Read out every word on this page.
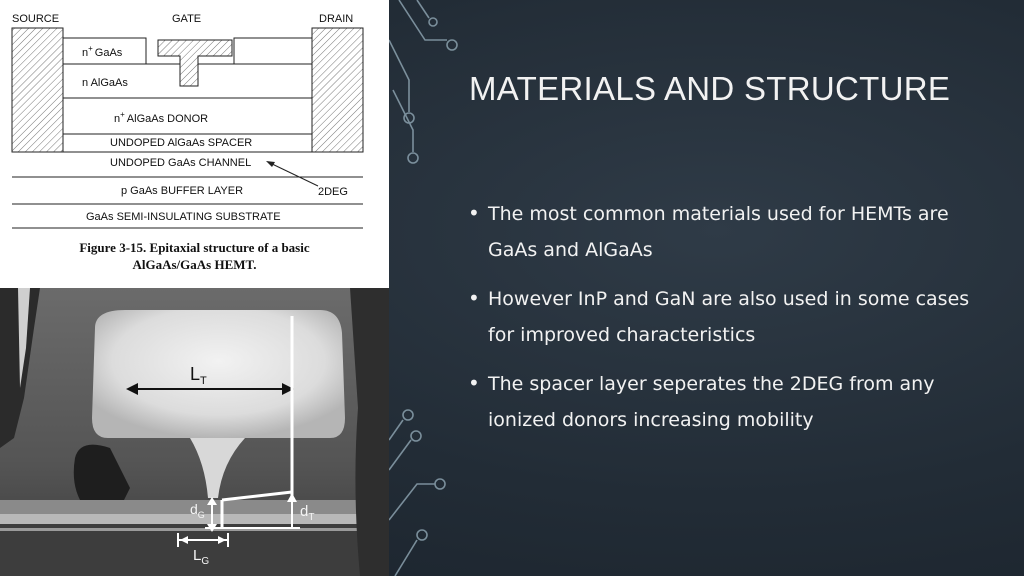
SOURCE	GATE	DRAIN
n+ GaAs
n AlGaAs
n+ AlGaAs DONOR
UNDOPED AlGaAs SPACER
UNDOPED GaAs CHANNEL
2DEG
p GaAs BUFFER LAYER
GaAs SEMI-INSULATING SUBSTRATE
Figure 3-15. Epitaxial structure of a basic
AlGaAs/GaAs HEMT.
$L_T$
$d_T$
$d_G$
$L_G$
MATERIALS AND STRUCTURE
• The most common materials used for HEMTs are GaAs and AlGaAs
• However InP and GaN are also used in some cases for improved characteristics
• The spacer layer seperates the 2DEG from any ionized donors increasing mobility
